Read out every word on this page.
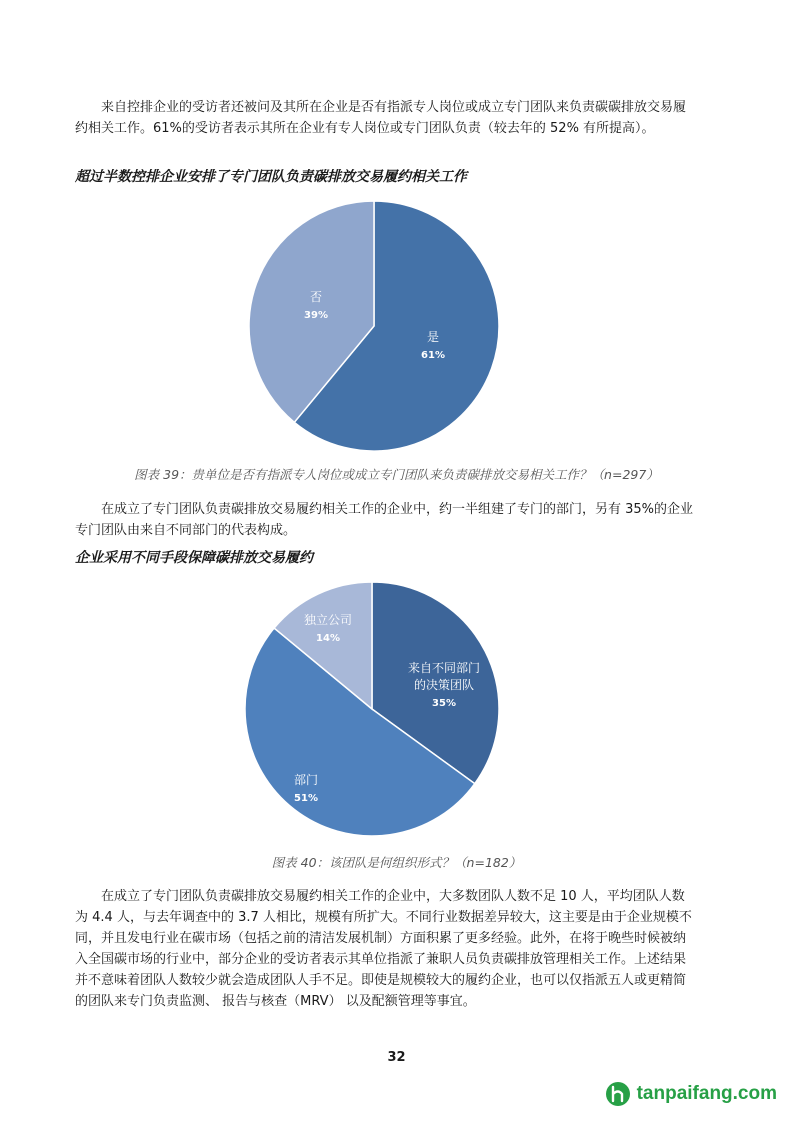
　　来自控排企业的受访者还被问及其所在企业是否有指派专人岗位或成立专门团队来负责碳碳排放交易履约相关工作。61%的受访者表示其所在企业有专人岗位或专门团队负责（较去年的 52% 有所提高）。

超过半数控排企业安排了专门团队负责碳排放交易履约相关工作

是
61%
否
39%

图表 39：贵单位是否有指派专人岗位或成立专门团队来负责碳排放交易相关工作？（n=297）

　　在成立了专门团队负责碳排放交易履约相关工作的企业中，约一半组建了专门的部门，另有 35%的企业专门团队由来自不同部门的代表构成。

企业采用不同手段保障碳排放交易履约

来自不同部门
的决策团队
35%
部门
51%
独立公司
14%

图表 40：该团队是何组织形式？（n=182）

　　在成立了专门团队负责碳排放交易履约相关工作的企业中，大多数团队人数不足 10 人，平均团队人数为 4.4 人，与去年调查中的 3.7 人相比，规模有所扩大。不同行业数据差异较大，这主要是由于企业规模不同，并且发电行业在碳市场（包括之前的清洁发展机制）方面积累了更多经验。此外，在将于晚些时候被纳入全国碳市场的行业中，部分企业的受访者表示其单位指派了兼职人员负责碳排放管理相关工作。上述结果并不意味着团队人数较少就会造成团队人手不足。即使是规模较大的履约企业，也可以仅指派五人或更精简的团队来专门负责监测、 报告与核查（MRV） 以及配额管理等事宜。

32
tanpaifang.com
